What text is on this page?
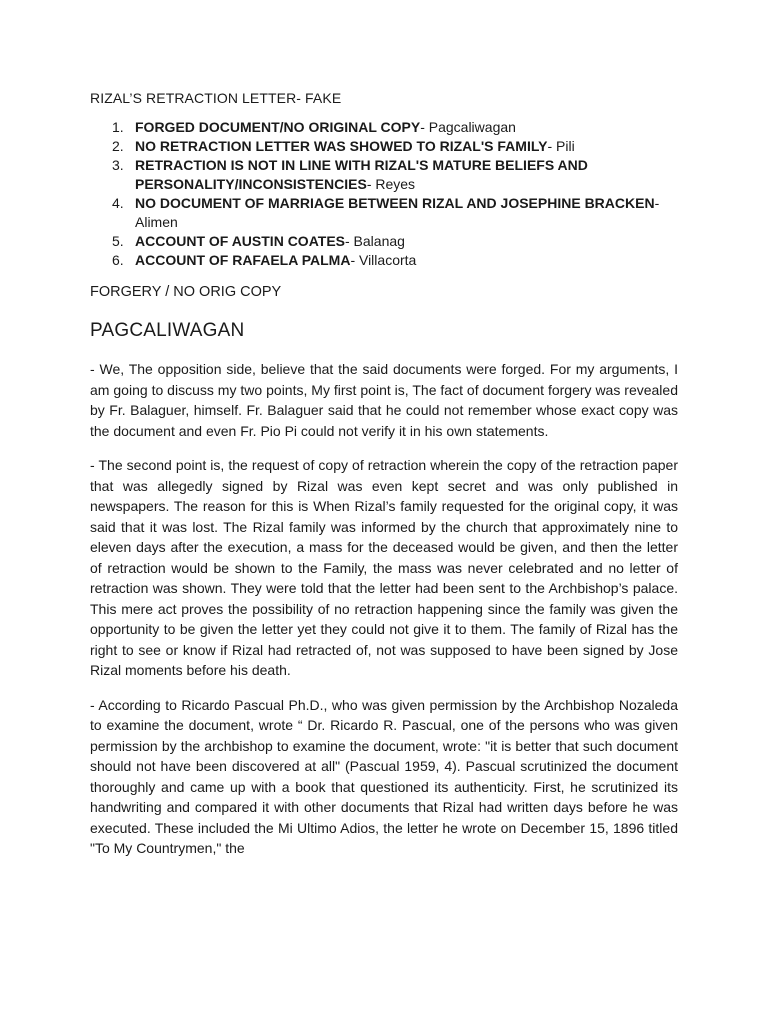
RIZAL’S RETRACTION LETTER- FAKE
1. FORGED DOCUMENT/NO ORIGINAL COPY- Pagcaliwagan
2. NO RETRACTION LETTER WAS SHOWED TO RIZAL'S FAMILY- Pili
3. RETRACTION IS NOT IN LINE WITH RIZAL'S MATURE BELIEFS AND PERSONALITY/INCONSISTENCIES- Reyes
4. NO DOCUMENT OF MARRIAGE BETWEEN RIZAL AND JOSEPHINE BRACKEN- Alimen
5. ACCOUNT OF AUSTIN COATES- Balanag
6. ACCOUNT OF RAFAELA PALMA- Villacorta
FORGERY / NO ORIG COPY
PAGCALIWAGAN

- We, The opposition side, believe that the said documents were forged. For my arguments, I am going to discuss my two points, My first point is, The fact of document forgery was revealed by Fr. Balaguer, himself. Fr. Balaguer said that he could not remember whose exact copy was the document and even Fr. Pio Pi could not verify it in his own statements.

- The second point is, the request of copy of retraction wherein the copy of the retraction paper that was allegedly signed by Rizal was even kept secret and was only published in newspapers. The reason for this is When Rizal’s family requested for the original copy, it was said that it was lost. The Rizal family was informed by the church that approximately nine to eleven days after the execution, a mass for the deceased would be given, and then the letter of retraction would be shown to the Family, the mass was never celebrated and no letter of retraction was shown. They were told that the letter had been sent to the Archbishop’s palace. This mere act proves the possibility of no retraction happening since the family was given the opportunity to be given the letter yet they could not give it to them. The family of Rizal has the right to see or know if Rizal had retracted of, not was supposed to have been signed by Jose Rizal moments before his death.

- According to Ricardo Pascual Ph.D., who was given permission by the Archbishop Nozaleda to examine the document, wrote “ Dr. Ricardo R. Pascual, one of the persons who was given permission by the archbishop to examine the document, wrote: "it is better that such document should not have been discovered at all" (Pascual 1959, 4). Pascual scrutinized the document thoroughly and came up with a book that questioned its authenticity. First, he scrutinized its handwriting and compared it with other documents that Rizal had written days before he was executed. These included the Mi Ultimo Adios, the letter he wrote on December 15, 1896 titled "To My Countrymen," the
